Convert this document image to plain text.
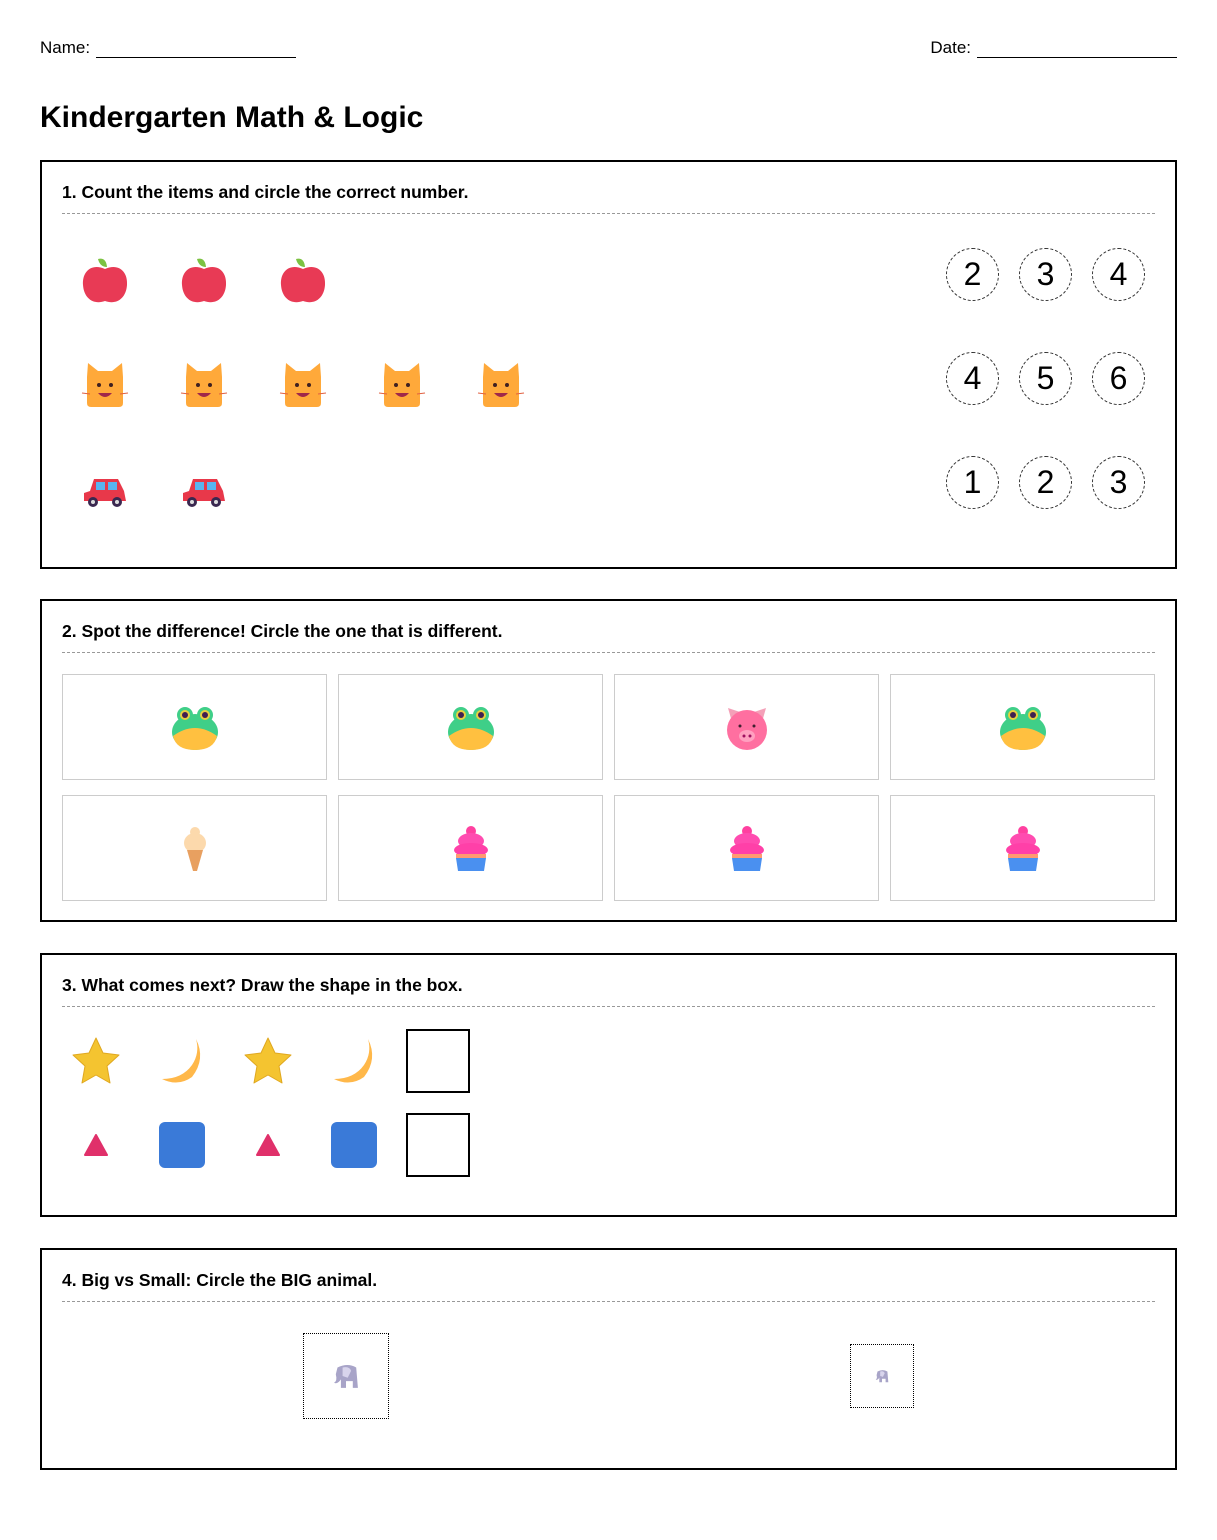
Name:	Date:
Kindergarten Math & Logic
1. Count the items and circle the correct number.
2	3	4
4	5	6
1	2	3
2. Spot the difference! Circle the one that is different.
3. What comes next? Draw the shape in the box.
4. Big vs Small: Circle the BIG animal.
